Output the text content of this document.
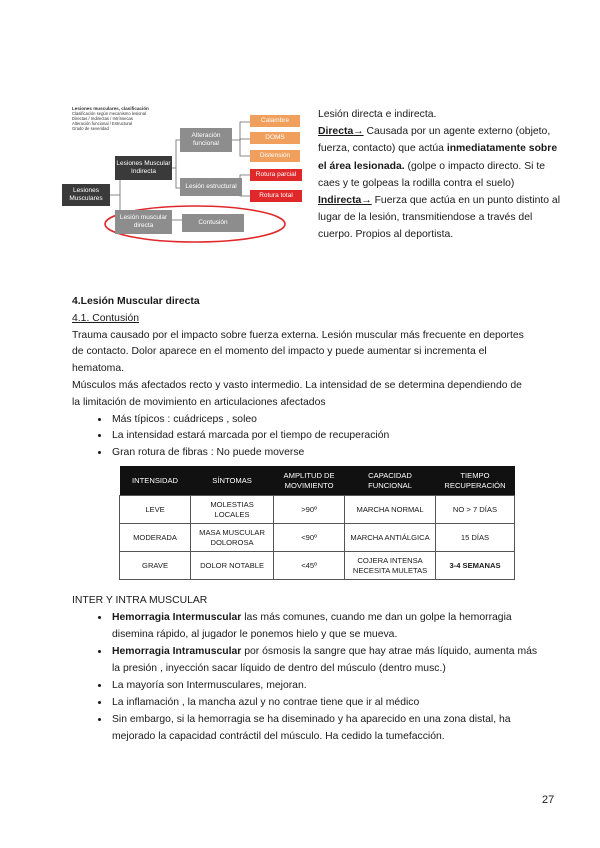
Lesiones musculares, clasificación
Clasificación según mecanismo lesional
Directas / Indirectas / Intrínsecas
Alteración funcional / Estructural
Grado de severidad
Lesiones Musculares
Lesiones Muscular Indirecta
Lesión muscular directa
Alteración funcional
Lesión estructural
Contusión
Calambre
DOMS
Distensión
Rotura parcial
Rotura total

Lesión directa e indirecta.

Directa→ Causada por un agente externo (objeto, fuerza, contacto) que actúa inmediatamente sobre el área lesionada. (golpe o impacto directo. Si te caes y te golpeas la rodilla contra el suelo)

Indirecta→ Fuerza que actúa en un punto distinto al lugar de la lesión, transmitiendose a través del cuerpo. Propios al deportista.

4.Lesión Muscular directa

4.1. Contusión

Trauma causado por el impacto sobre fuerza externa. Lesión muscular más frecuente en deportes de contacto. Dolor aparece en el momento del impacto y puede aumentar si incrementa el hematoma.

Músculos más afectados recto y vasto intermedio. La intensidad de se determina dependiendo de la limitación de movimiento en articulaciones afectados

• Más típicos : cuádriceps , soleo
• La intensidad estará marcada por el tiempo de recuperación
• Gran rotura de fibras : No puede moverse
INTENSIDAD	SÍNTOMAS	AMPLITUD DE MOVIMIENTO	CAPACIDAD FUNCIONAL	TIEMPO RECUPERACIÓN
LEVE	MOLESTIAS LOCALES	>90º	MARCHA NORMAL	NO > 7 DÍAS
MODERADA	MASA MUSCULAR DOLOROSA	<90º	MARCHA ANTIÁLGICA	15 DÍAS
GRAVE	DOLOR NOTABLE	<45º	COJERA INTENSA NECESITA MULETAS	3-4 SEMANAS

INTER Y INTRA MUSCULAR

• Hemorragia Intermuscular las más comunes, cuando me dan un golpe la hemorragia disemina rápido, al jugador le ponemos hielo y que se mueva.
• Hemorragia Intramuscular por ósmosis la sangre que hay atrae más líquido, aumenta más la presión , inyección sacar líquido de dentro del músculo (dentro musc.)
• La mayoría son Intermusculares, mejoran.
• La inflamación , la mancha azul y no contrae tiene que ir al médico
• Sin embargo, si la hemorragia se ha diseminado y ha aparecido en una zona distal, ha mejorado la capacidad contráctil del músculo. Ha cedido la tumefacción.
27
